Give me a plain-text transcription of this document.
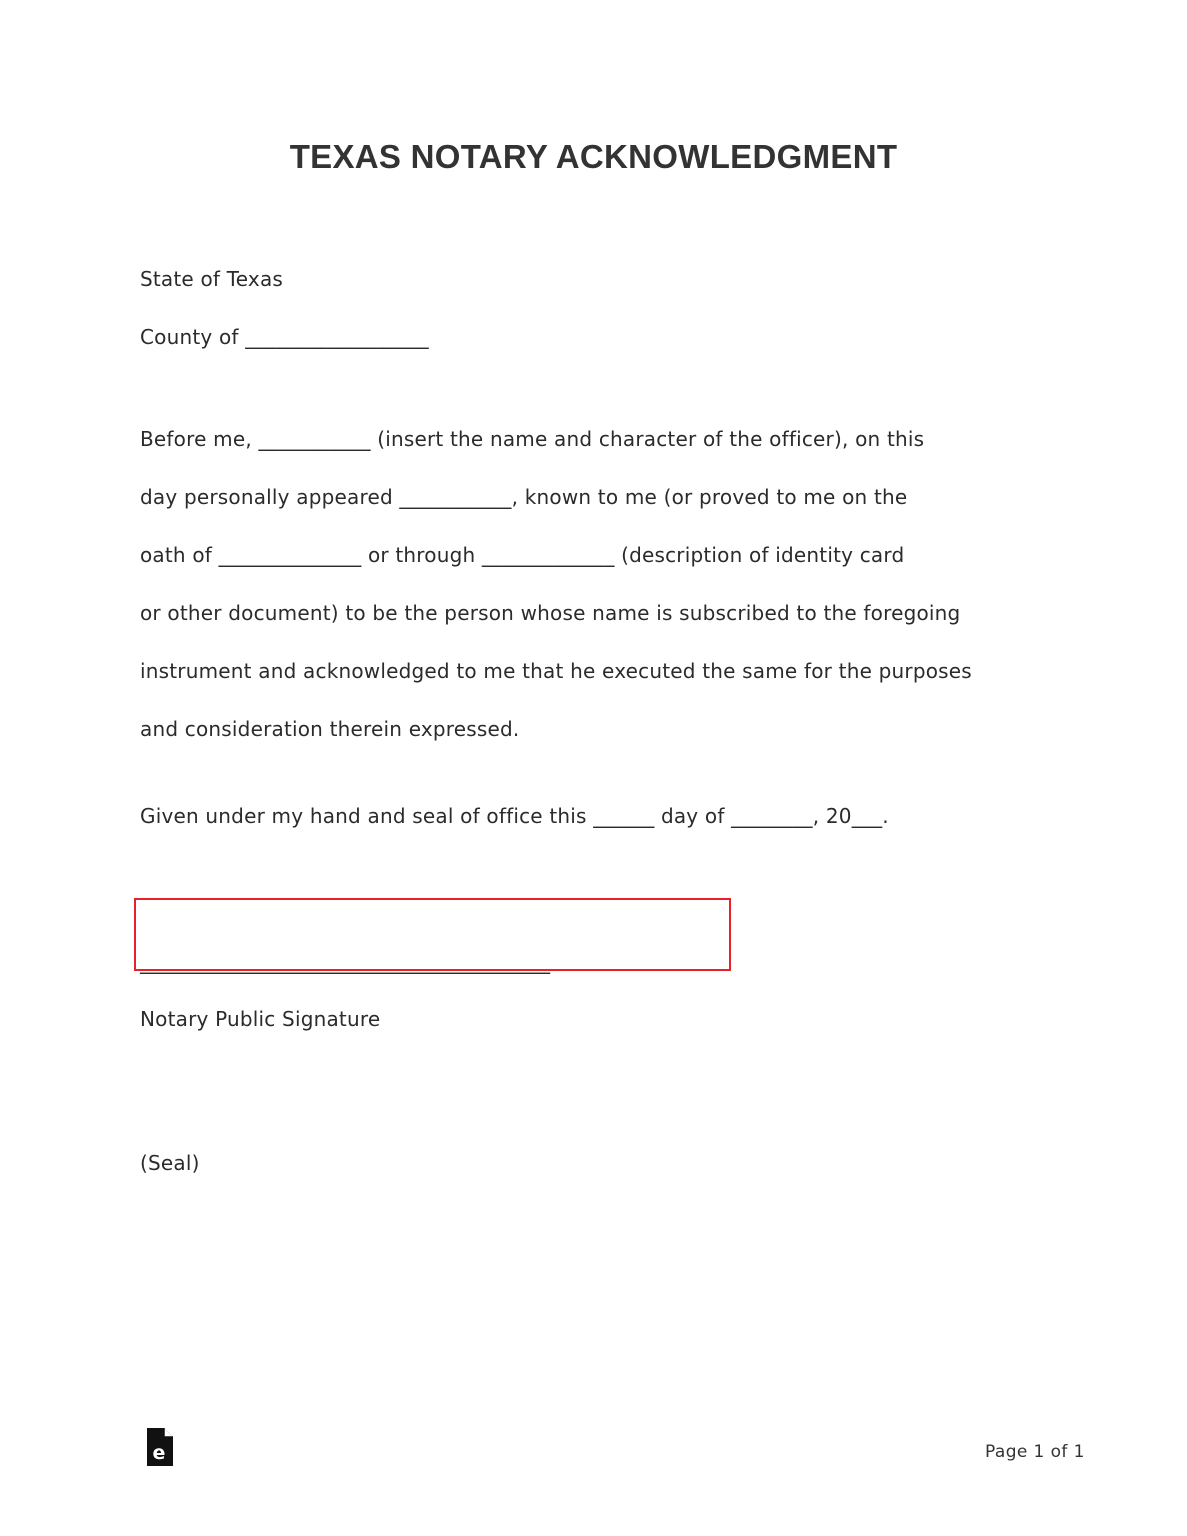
TEXAS NOTARY ACKNOWLEDGMENT
State of Texas
County of __________________
Before me, ___________ (insert the name and character of the officer), on this
day personally appeared ___________, known to me (or proved to me on the
oath of ______________ or through _____________ (description of identity card
or other document) to be the person whose name is subscribed to the foregoing
instrument and acknowledged to me that he executed the same for the purposes
and consideration therein expressed.
Given under my hand and seal of office this ______ day of ________, 20___.
_________________________________________
Notary Public Signature
(Seal)
e	Page 1 of 1
